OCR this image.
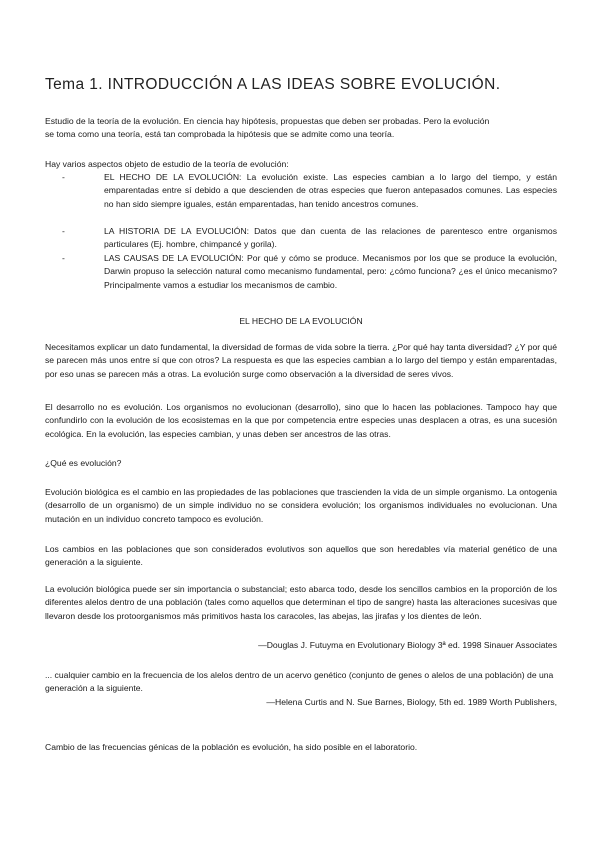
Tema 1. INTRODUCCIÓN A LAS IDEAS SOBRE EVOLUCIÓN.
Estudio de la teoría de la evolución. En ciencia hay hipótesis, propuestas que deben ser probadas. Pero la evolución
se toma como una teoría, está tan comprobada la hipótesis que se admite como una teoría.
Hay varios aspectos objeto de estudio de la teoría de evolución:
-	EL HECHO DE LA EVOLUCIÓN: La evolución existe. Las especies cambian a lo largo del tiempo, y están emparentadas entre sí debido a que descienden de otras especies que fueron antepasados comunes. Las especies no han sido siempre iguales, están emparentadas, han tenido ancestros comunes.
-	LA HISTORIA DE LA EVOLUCIÓN: Datos que dan cuenta de las relaciones de parentesco entre organismos particulares (Ej. hombre, chimpancé y gorila).
-	LAS CAUSAS DE LA EVOLUCIÓN: Por qué y cómo se produce. Mecanismos por los que se produce la evolución, Darwin propuso la selección natural como mecanismo fundamental, pero: ¿cómo funciona? ¿es el único mecanismo? Principalmente vamos a estudiar los mecanismos de cambio.
EL HECHO DE LA EVOLUCIÓN
Necesitamos explicar un dato fundamental, la diversidad de formas de vida sobre la tierra. ¿Por qué hay tanta diversidad? ¿Y por qué se parecen más unos entre sí que con otros? La respuesta es que las especies cambian a lo largo del tiempo y están emparentadas, por eso unas se parecen más a otras. La evolución surge como observación a la diversidad de seres vivos.
El desarrollo no es evolución. Los organismos no evolucionan (desarrollo), sino que lo hacen las poblaciones. Tampoco hay que confundirlo con la evolución de los ecosistemas en la que por competencia entre especies unas desplacen a otras, es una sucesión ecológica. En la evolución, las especies cambian, y unas deben ser ancestros de las otras.
¿Qué es evolución?
Evolución biológica es el cambio en las propiedades de las poblaciones que trascienden la vida de un simple organismo. La ontogenia (desarrollo de un organismo) de un simple individuo no se considera evolución; los organismos individuales no evolucionan. Una mutación en un individuo concreto tampoco es evolución.
Los cambios en las poblaciones que son considerados evolutivos son aquellos que son heredables vía material genético de una generación a la siguiente.
La evolución biológica puede ser sin importancia o substancial; esto abarca todo, desde los sencillos cambios en la proporción de los diferentes alelos dentro de una población (tales como aquellos que determinan el tipo de sangre) hasta las alteraciones sucesivas que llevaron desde los protoorganismos más primitivos hasta los caracoles, las abejas, las jirafas y los dientes de león.
—Douglas J. Futuyma en Evolutionary Biology 3ª ed. 1998 Sinauer Associates
... cualquier cambio en la frecuencia de los alelos dentro de un acervo genético (conjunto de genes o alelos de una población) de una generación a la siguiente.
—Helena Curtis and N. Sue Barnes, Biology, 5th ed. 1989 Worth Publishers,
Cambio de las frecuencias génicas de la población es evolución, ha sido posible en el laboratorio.
